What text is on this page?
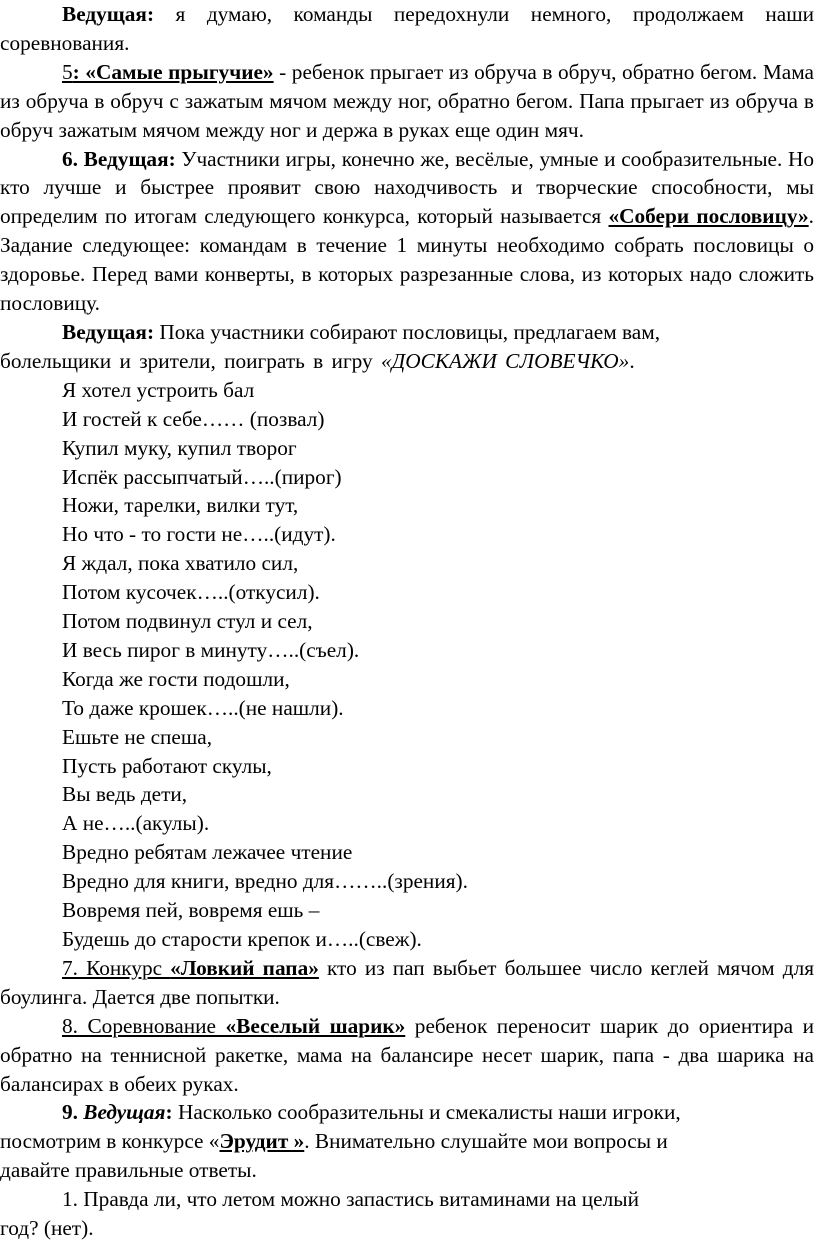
Ведущая: я думаю, команды передохнули немного, продолжаем наши соревнования.

5: «Самые прыгучие» - ребенок прыгает из обруча в обруч, обратно бегом. Мама из обруча в обруч с зажатым мячом между ног, обратно бегом. Папа прыгает из обруча в обруч зажатым мячом между ног и держа в руках еще один мяч.

6. Ведущая: Участники игры, конечно же, весёлые, умные и сообразительные. Но кто лучше и быстрее проявит свою находчивость и творческие способности, мы определим по итогам следующего конкурса, который называется «Собери пословицу». Задание следующее: командам в течение 1 минуты необходимо собрать пословицы о здоровье. Перед вами конверты, в которых разрезанные слова, из которых надо сложить пословицу.

Ведущая: Пока участники собирают пословицы, предлагаем вам,
болельщики и зрители, поиграть в игру «ДОСКАЖИ СЛОВЕЧКО».
Я хотел устроить бал
И гостей к себе…… (позвал)
Купил муку, купил творог
Испёк рассыпчатый…..(пирог)
Ножи, тарелки, вилки тут,
Но что - то гости не…..(идут).
Я ждал, пока хватило сил,
Потом кусочек…..(откусил).
Потом подвинул стул и сел,
И весь пирог в минуту…..(съел).
Когда же гости подошли,
То даже крошек…..(не нашли).
Ешьте не спеша,
Пусть работают скулы,
Вы ведь дети,
А не…..(акулы).
Вредно ребятам лежачее чтение
Вредно для книги, вредно для……..(зрения).
Вовремя пей, вовремя ешь –
Будешь до старости крепок и…..(свеж).

7. Конкурс «Ловкий папа» кто из пап выбьет большее число кеглей мячом для боулинга. Дается две попытки.

8. Соревнование «Веселый шарик» ребенок переносит шарик до ориентира и обратно на теннисной ракетке, мама на балансире несет шарик, папа - два шарика на балансирах в обеих руках.

9. Ведущая: Насколько сообразительны и смекалисты наши игроки,
посмотрим в конкурсе «Эрудит ». Внимательно слушайте мои вопросы и
давайте правильные ответы.
1. Правда ли, что летом можно запастись витаминами на целый
год? (нет).
